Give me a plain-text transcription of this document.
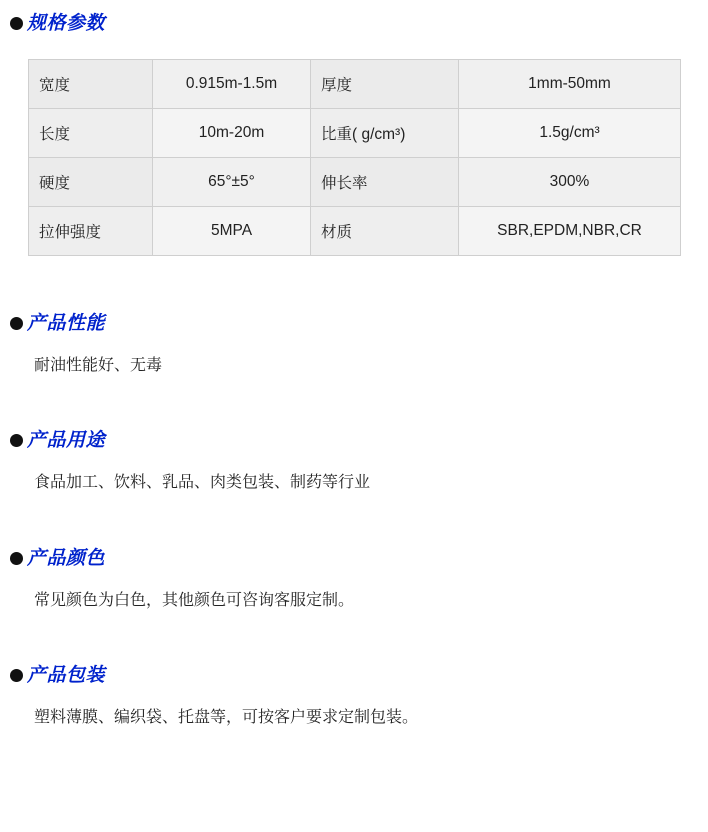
规格参数
宽度	0.915m-1.5m	厚度	1mm-50mm
长度	10m-20m	比重( g/cm³)	1.5g/cm³
硬度	65°±5°	伸长率	300%
拉伸强度	5MPA	材质	SBR,EPDM,NBR,CR
产品性能
耐油性能好、无毒
产品用途
食品加工、饮料、乳品、肉类包装、制药等行业
产品颜色
常见颜色为白色，其他颜色可咨询客服定制。
产品包装
塑料薄膜、编织袋、托盘等，可按客户要求定制包装。
